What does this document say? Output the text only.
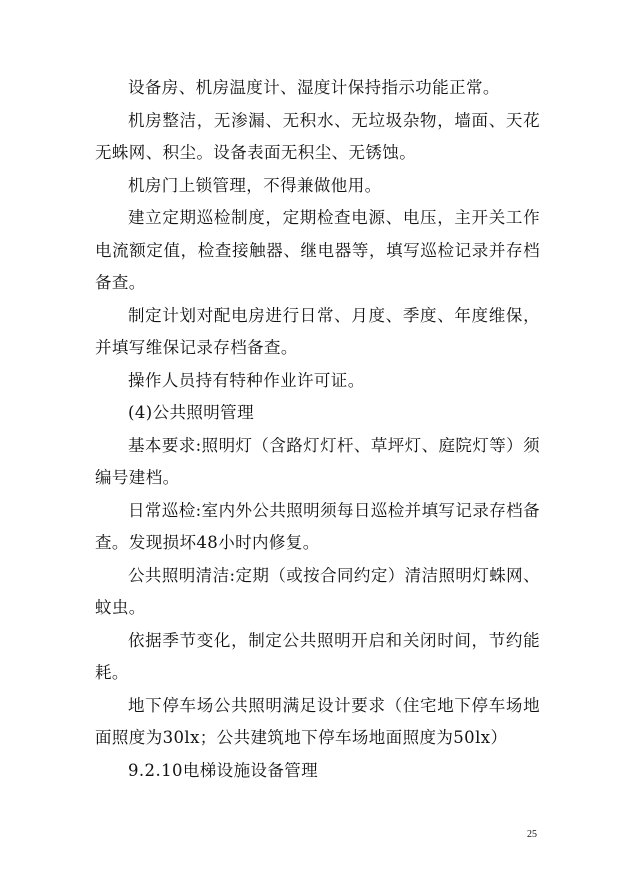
设备房、机房温度计、湿度计保持指示功能正常。

机房整洁，无渗漏、无积水、无垃圾杂物，墙面、天花无蛛网、积尘。设备表面无积尘、无锈蚀。

机房门上锁管理，不得兼做他用。

建立定期巡检制度，定期检查电源、电压，主开关工作电流额定值，检查接触器、继电器等，填写巡检记录并存档备查。

制定计划对配电房进行日常、月度、季度、年度维保，并填写维保记录存档备查。

操作人员持有特种作业许可证。

(4)公共照明管理

基本要求:照明灯（含路灯灯杆、草坪灯、庭院灯等）须编号建档。

日常巡检:室内外公共照明须每日巡检并填写记录存档备查。发现损坏48小时内修复。

公共照明清洁:定期（或按合同约定）清洁照明灯蛛网、蚊虫。

依据季节变化，制定公共照明开启和关闭时间，节约能耗。

地下停车场公共照明满足设计要求（住宅地下停车场地面照度为30lx；公共建筑地下停车场地面照度为50lx）

9.2.10电梯设施设备管理

25
